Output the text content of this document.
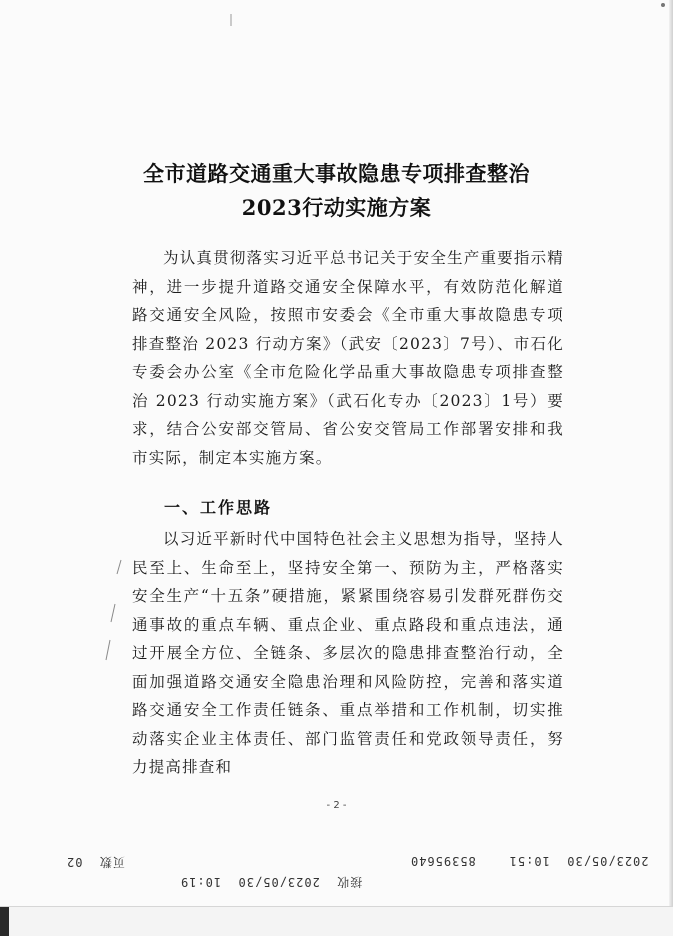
全市道路交通重大事故隐患专项排查整治
2023行动实施方案

为认真贯彻落实习近平总书记关于安全生产重要指示精神，进一步提升道路交通安全保障水平，有效防范化解道路交通安全风险，按照市安委会《全市重大事故隐患专项排查整治 2023 行动方案》（武安〔2023〕7号）、市石化专委会办公室《全市危险化学品重大事故隐患专项排查整治 2023 行动实施方案》（武石化专办〔2023〕1号）要求，结合公安部交管局、省公安交管局工作部署安排和我市实际，制定本实施方案。

一、工作思路

以习近平新时代中国特色社会主义思想为指导，坚持人民至上、生命至上，坚持安全第一、预防为主，严格落实安全生产“十五条”硬措施，紧紧围绕容易引发群死群伤交通事故的重点车辆、重点企业、重点路段和重点违法，通过开展全方位、全链条、多层次的隐患排查整治行动，全面加强道路交通安全隐患治理和风险防控，完善和落实道路交通安全工作责任链条、重点举措和工作机制，切实推动落实企业主体责任、部门监管责任和党政领导责任，努力提高排查和

- 2 -
页数  02	2023/05/30  10:51    85395640
接收  2023/05/30  10:19
